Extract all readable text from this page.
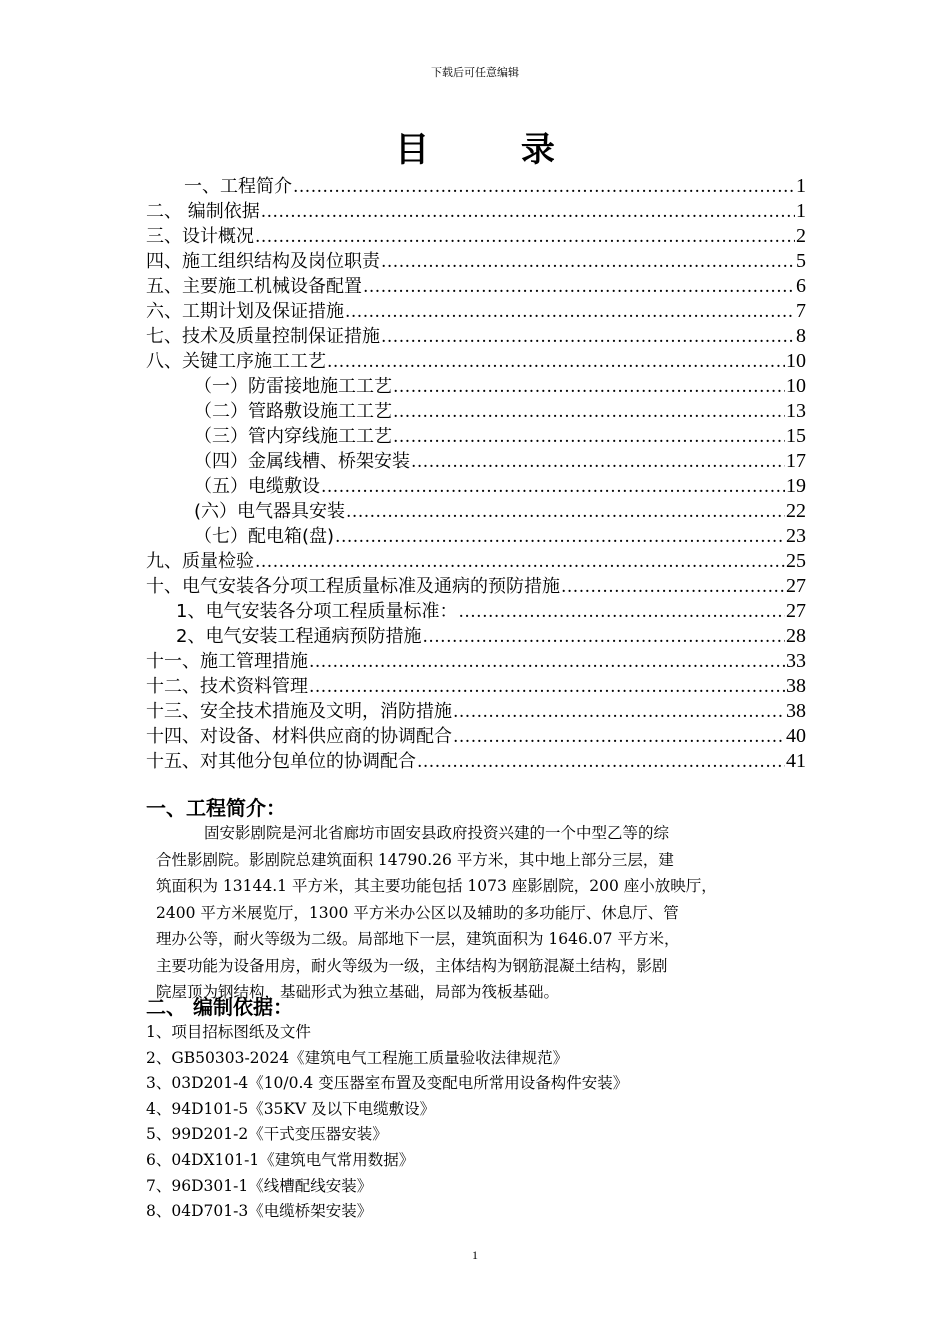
下载后可任意编辑
目 录
一、工程简介 .....	1
二、 编制依据 .....	1
三、设计概况 .....	2
四、施工组织结构及岗位职责 .....	5
五、主要施工机械设备配置 .....	6
六、工期计划及保证措施 .....	7
七、技术及质量控制保证措施 .....	8
八、关键工序施工工艺 .....	10
（一）防雷接地施工工艺 .....	10
（二）管路敷设施工工艺 .....	13
（三）管内穿线施工工艺 .....	15
（四）金属线槽、桥架安装 .....	17
（五）电缆敷设 .....	19
(六）电气器具安装 .....	22
（七）配电箱(盘) .....	23
九、质量检验 .....	25
十、电气安装各分项工程质量标准及通病的预防措施 .....	27
1、电气安装各分项工程质量标准： .....	27
2、电气安装工程通病预防措施 .....	28
十一、施工管理措施 .....	33
十二、技术资料管理 .....	38
十三、安全技术措施及文明，消防措施 .....	38
十四、对设备、材料供应商的协调配合 .....	40
十五、对其他分包单位的协调配合 .....	41
一、工程简介：
固安影剧院是河北省廊坊市固安县政府投资兴建的一个中型乙等的综
合性影剧院。影剧院总建筑面积 14790.26 平方米，其中地上部分三层，建
筑面积为 13144.1 平方米，其主要功能包括 1073 座影剧院，200 座小放映厅，
2400 平方米展览厅，1300 平方米办公区以及辅助的多功能厅、休息厅、管
理办公等，耐火等级为二级。局部地下一层，建筑面积为 1646.07 平方米，
主要功能为设备用房，耐火等级为一级，主体结构为钢筋混凝土结构，影剧
院屋顶为钢结构，基础形式为独立基础，局部为筏板基础。
二、 编制依据：
1、项目招标图纸及文件
2、GB50303-2024《建筑电气工程施工质量验收法律规范》
3、03D201-4《10/0.4 变压器室布置及变配电所常用设备构件安装》
4、94D101-5《35KV 及以下电缆敷设》
5、99D201-2《干式变压器安装》
6、04DX101-1《建筑电气常用数据》
7、96D301-1《线槽配线安装》
8、04D701-3《电缆桥架安装》
1
